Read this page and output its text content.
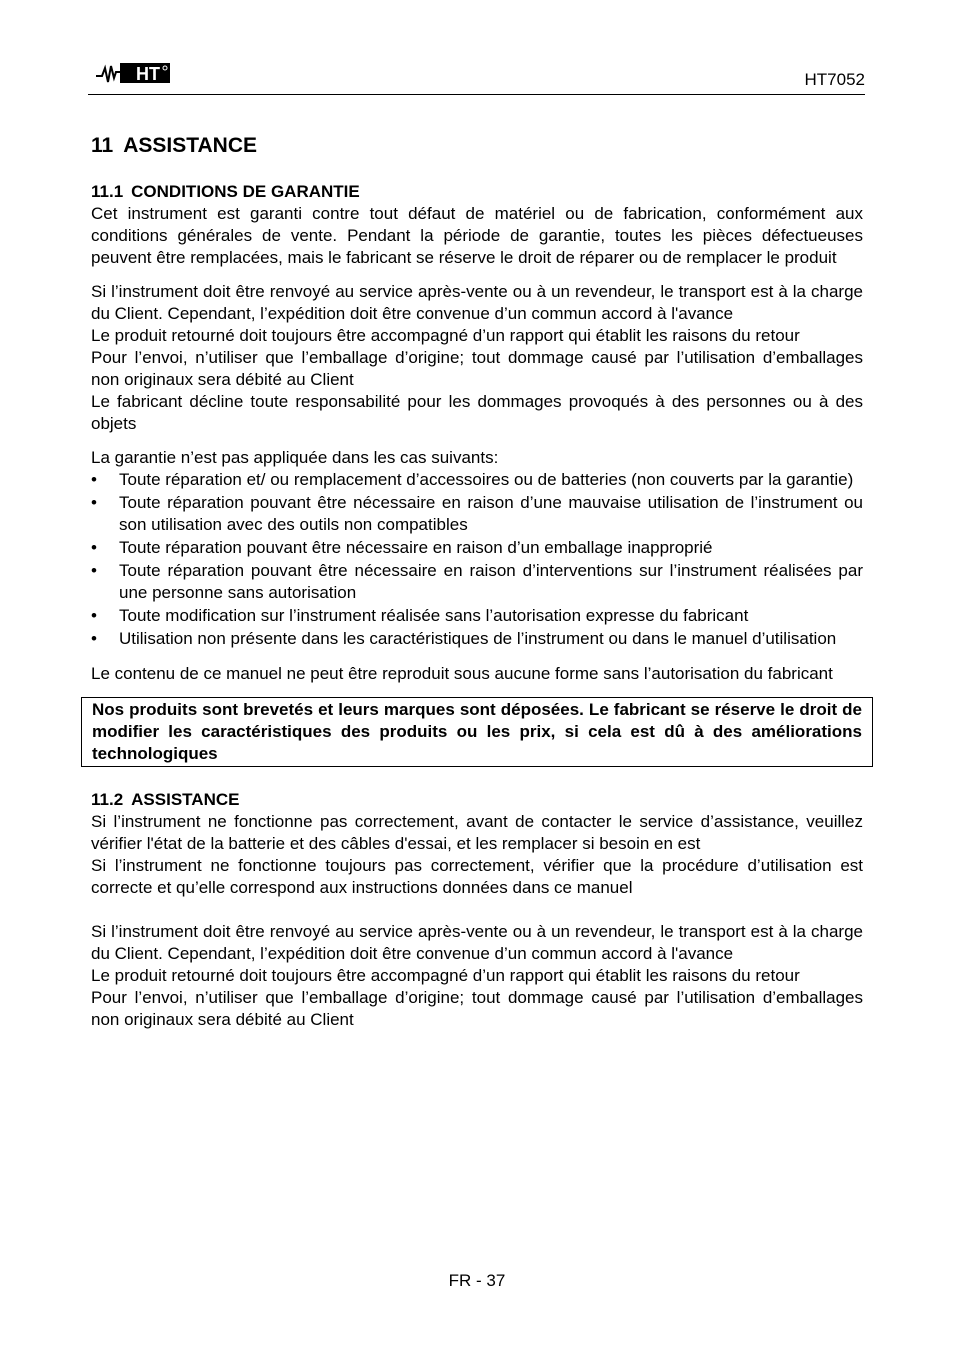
HT	HT7052
11 ASSISTANCE
11.1 CONDITIONS DE GARANTIE

Cet instrument est garanti contre tout défaut de matériel ou de fabrication, conformément aux conditions générales de vente. Pendant la période de garantie, toutes les pièces défectueuses peuvent être remplacées, mais le fabricant se réserve le droit de réparer ou de remplacer le produit

Si l’instrument doit être renvoyé au service après-vente ou à un revendeur, le transport est à la charge du Client. Cependant, l’expédition doit être convenue d’un commun accord à l'avance

Le produit retourné doit toujours être accompagné d’un rapport qui établit les raisons du retour

Pour l’envoi, n’utiliser que l’emballage d’origine; tout dommage causé par l’utilisation d’emballages non originaux sera débité au Client

Le fabricant décline toute responsabilité pour les dommages provoqués à des personnes ou à des objets

La garantie n’est pas appliquée dans les cas suivants:

• Toute réparation et/ ou remplacement d’accessoires ou de batteries (non couverts par la garantie)
• Toute réparation pouvant être nécessaire en raison d’une mauvaise utilisation de l’instrument ou son utilisation avec des outils non compatibles
• Toute réparation pouvant être nécessaire en raison d’un emballage inapproprié
• Toute réparation pouvant être nécessaire en raison d’interventions sur l’instrument réalisées par une personne sans autorisation
• Toute modification sur l’instrument réalisée sans l’autorisation expresse du fabricant
• Utilisation non présente dans les caractéristiques de l’instrument ou dans le manuel d’utilisation

Le contenu de ce manuel ne peut être reproduit sous aucune forme sans l’autorisation du fabricant

Nos produits sont brevetés et leurs marques sont déposées. Le fabricant se réserve le droit de modifier les caractéristiques des produits ou les prix, si cela est dû à des améliorations technologiques
11.2 ASSISTANCE

Si l’instrument ne fonctionne pas correctement, avant de contacter le service d’assistance, veuillez vérifier l'état de la batterie et des câbles d'essai, et les remplacer si besoin en est

Si l’instrument ne fonctionne toujours pas correctement, vérifier que la procédure d’utilisation est correcte et qu’elle correspond aux instructions données dans ce manuel

Si l’instrument doit être renvoyé au service après-vente ou à un revendeur, le transport est à la charge du Client. Cependant, l’expédition doit être convenue d’un commun accord à l'avance

Le produit retourné doit toujours être accompagné d’un rapport qui établit les raisons du retour

Pour l’envoi, n’utiliser que l’emballage d’origine; tout dommage causé par l’utilisation d’emballages non originaux sera débité au Client

FR - 37
